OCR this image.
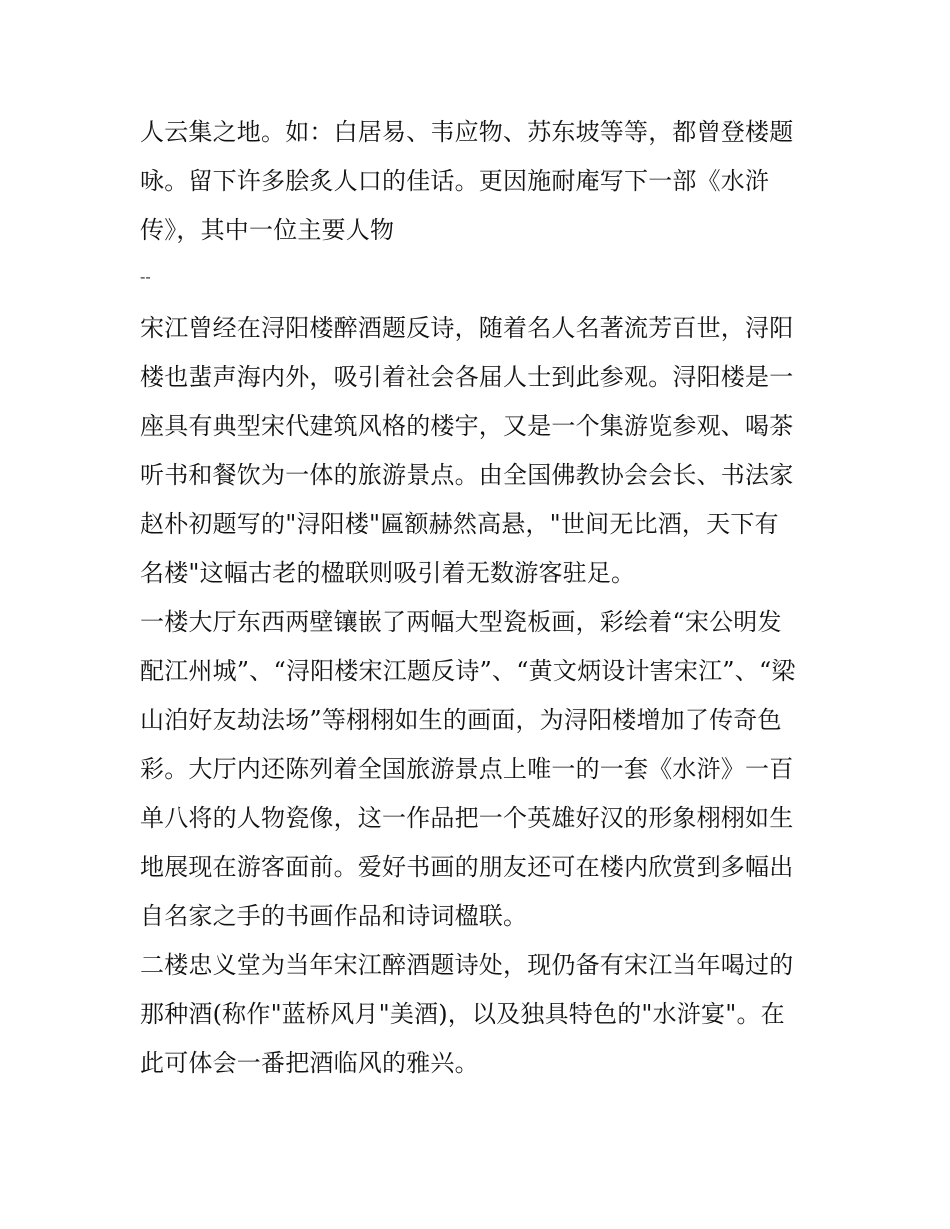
人云集之地。如：白居易、韦应物、苏东坡等等，都曾登楼题
咏。留下许多脍炙人口的佳话。更因施耐庵写下一部《水浒
传》，其中一位主要人物
--
宋江曾经在浔阳楼醉酒题反诗，随着名人名著流芳百世，浔阳
楼也蜚声海内外，吸引着社会各届人士到此参观。浔阳楼是一
座具有典型宋代建筑风格的楼宇，又是一个集游览参观、喝茶
听书和餐饮为一体的旅游景点。由全国佛教协会会长、书法家
赵朴初题写的"浔阳楼"匾额赫然高悬，"世间无比酒，天下有
名楼"这幅古老的楹联则吸引着无数游客驻足。
一楼大厅东西两壁镶嵌了两幅大型瓷板画，彩绘着“宋公明发
配江州城”、“浔阳楼宋江题反诗”、“黄文炳设计害宋江”、“梁
山泊好友劫法场”等栩栩如生的画面，为浔阳楼增加了传奇色
彩。大厅内还陈列着全国旅游景点上唯一的一套《水浒》一百
单八将的人物瓷像，这一作品把一个英雄好汉的形象栩栩如生
地展现在游客面前。爱好书画的朋友还可在楼内欣赏到多幅出
自名家之手的书画作品和诗词楹联。
二楼忠义堂为当年宋江醉酒题诗处，现仍备有宋江当年喝过的
那种酒(称作"蓝桥风月"美酒)，以及独具特色的"水浒宴"。在
此可体会一番把酒临风的雅兴。
